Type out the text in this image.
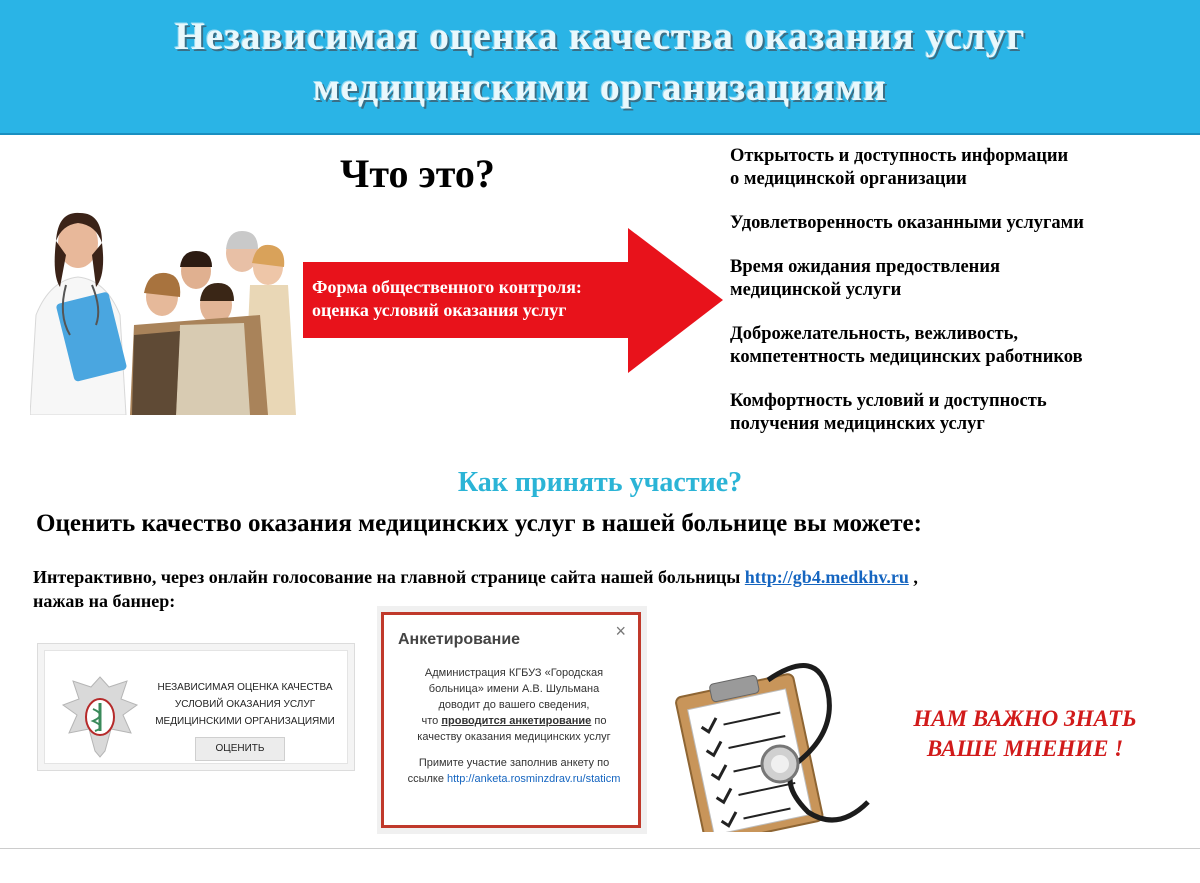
Независимая оценка качества оказания услуг
медицинскими организациями
Что это?
Форма общественного контроля:
оценка условий оказания услуг
Открытость и доступность информации
о медицинской организации
Удовлетворенность оказанными услугами
Время ожидания предоствления
медицинской услуги
Доброжелательность, вежливость,
компетентность медицинских работников
Комфортность условий и доступность
получения медицинских услуг
Как принять участие?
Оценить качество оказания медицинских услуг в нашей больнице вы можете:
Интерактивно, через онлайн голосование на главной странице сайта нашей больницы http://gb4.medkhv.ru ,
нажав на баннер:
НЕЗАВИСИМАЯ ОЦЕНКА КАЧЕСТВА
УСЛОВИЙ ОКАЗАНИЯ УСЛУГ
МЕДИЦИНСКИМИ ОРГАНИЗАЦИЯМИ
ОЦЕНИТЬ
Анкетирование	×
Администрация КГБУЗ «Городская
больница» имени А.В. Шульмана
доводит до вашего сведения,
что проводится анкетирование по
качеству оказания медицинских услуг
Примите участие заполнив анкету по
ссылке http://anketa.rosminzdrav.ru/staticm
НАМ ВАЖНО ЗНАТЬ
ВАШЕ МНЕНИЕ !
